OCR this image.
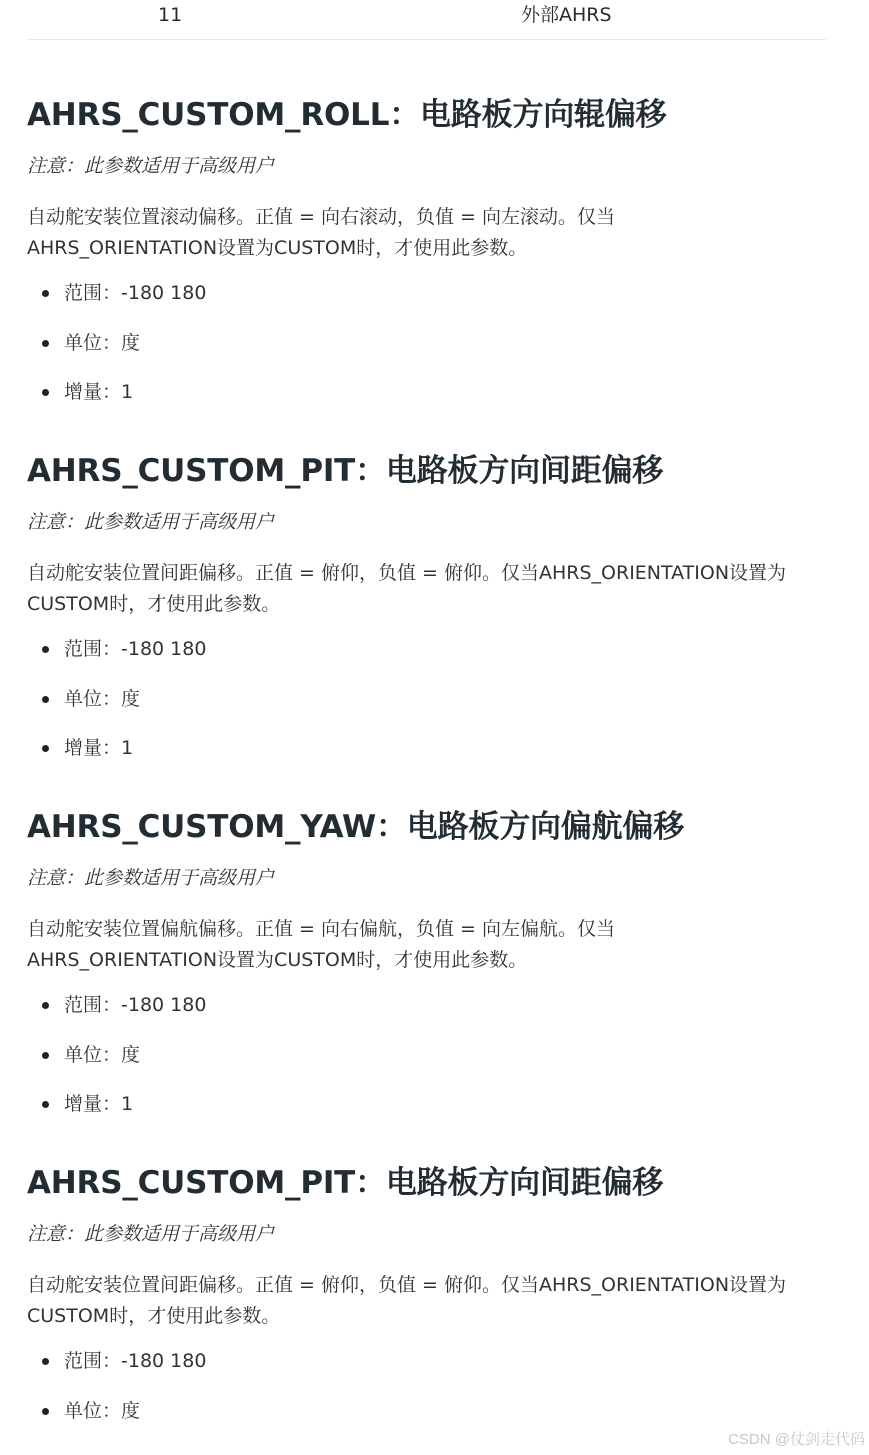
11	外部AHRS
AHRS_CUSTOM_ROLL：电路板方向辊偏移
注意：此参数适用于高级用户
自动舵安装位置滚动偏移。正值 = 向右滚动，负值 = 向左滚动。仅当
AHRS_ORIENTATION设置为CUSTOM时，才使用此参数。
范围：-180 180
单位：度
增量：1
AHRS_CUSTOM_PIT：电路板方向间距偏移
注意：此参数适用于高级用户
自动舵安装位置间距偏移。正值 = 俯仰，负值 = 俯仰。仅当AHRS_ORIENTATION设置为
CUSTOM时，才使用此参数。
范围：-180 180
单位：度
增量：1
AHRS_CUSTOM_YAW：电路板方向偏航偏移
注意：此参数适用于高级用户
自动舵安装位置偏航偏移。正值 = 向右偏航，负值 = 向左偏航。仅当
AHRS_ORIENTATION设置为CUSTOM时，才使用此参数。
范围：-180 180
单位：度
增量：1
AHRS_CUSTOM_PIT：电路板方向间距偏移
注意：此参数适用于高级用户
自动舵安装位置间距偏移。正值 = 俯仰，负值 = 俯仰。仅当AHRS_ORIENTATION设置为
CUSTOM时，才使用此参数。
范围：-180 180
单位：度
CSDN @仗剑走代码
